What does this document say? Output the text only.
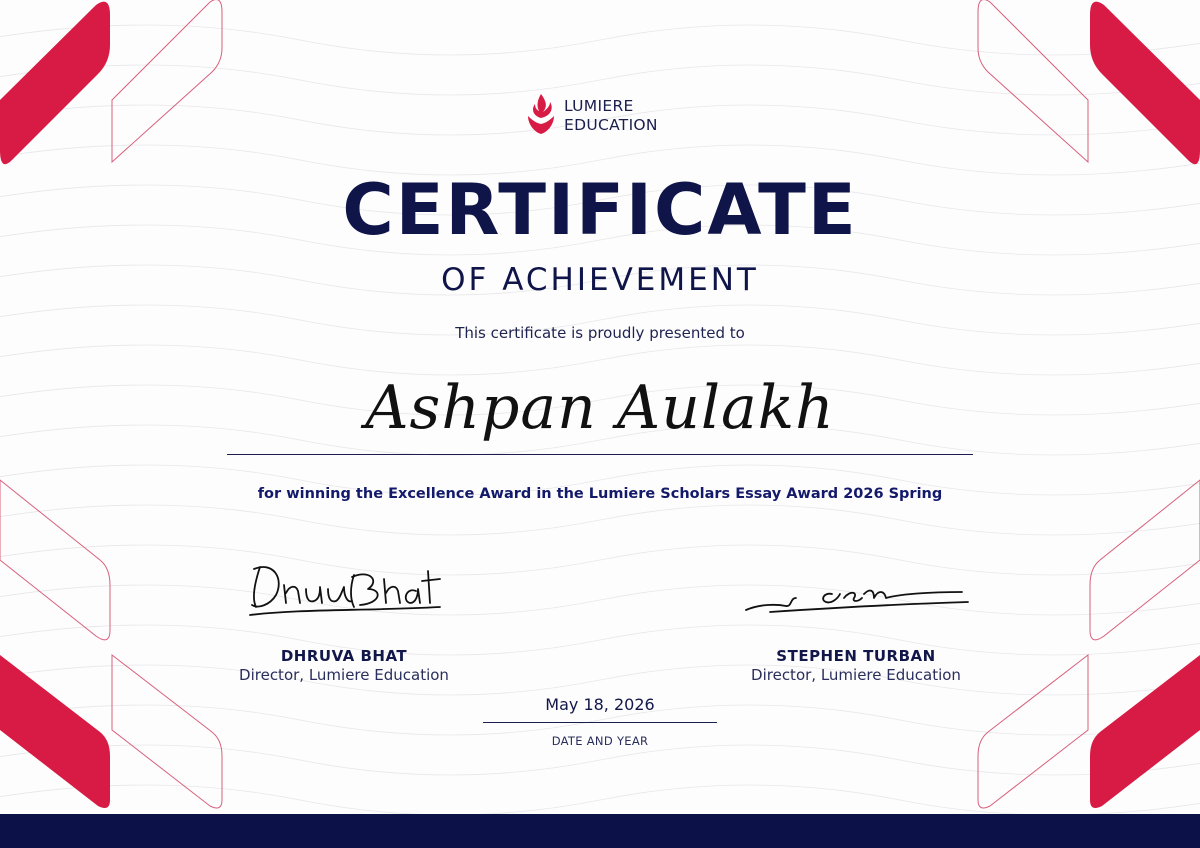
LUMIERE
EDUCATION
CERTIFICATE
OF ACHIEVEMENT
This certificate is proudly presented to
Ashpan Aulakh
for winning the Excellence Award in the Lumiere Scholars Essay Award 2026 Spring
DHRUVA BHAT
Director, Lumiere Education
STEPHEN TURBAN
Director, Lumiere Education
May 18, 2026
DATE AND YEAR
